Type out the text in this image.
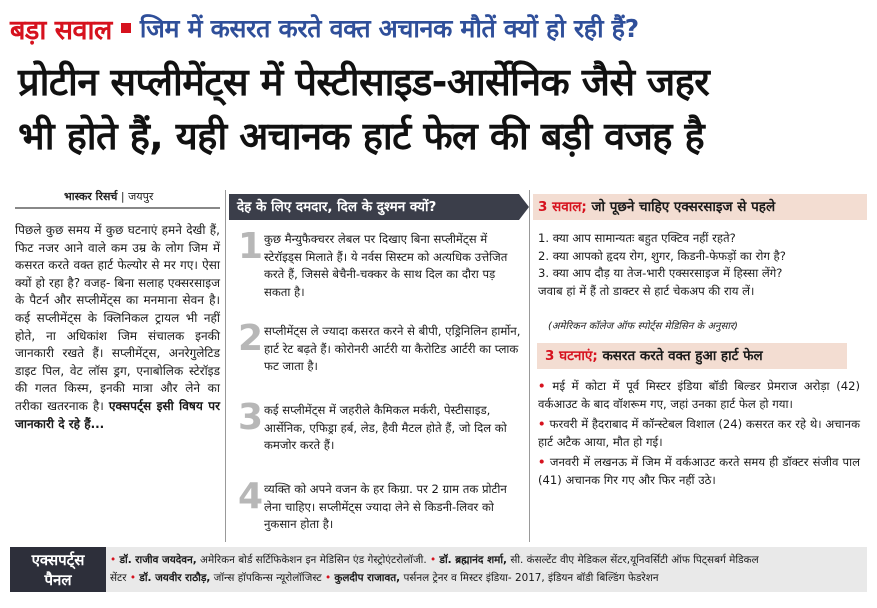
बड़ा सवाल जिम में कसरत करते वक्त अचानक मौतें क्यों हो रही हैं?
प्रोटीन सप्लीमेंट्स में पेस्टीसाइड-आर्सेनिक जैसे जहर
भी होते हैं, यही अचानक हार्ट फेल की बड़ी वजह है
भास्कर रिसर्च | जयपुर
पिछले कुछ समय में कुछ घटनाएं हमने देखी हैं, फिट नजर आने वाले कम उम्र के लोग जिम में कसरत करते वक्त हार्ट फेल्योर से मर गए। ऐसा क्यों हो रहा है? वजह- बिना सलाह एक्सरसाइज के पैटर्न और सप्लीमेंट्स का मनमाना सेवन है। कई सप्लीमेंट्स के क्लिनिकल ट्रायल भी नहीं होते, ना अधिकांश जिम संचालक इनकी जानकारी रखते हैं। सप्लीमेंट्स, अनरेगुलेटिड डाइट पिल, वेट लॉस ड्रग, एनाबोलिक स्टेरॉइड की गलत किस्म, इनकी मात्रा और लेने का तरीका खतरनाक है। एक्सपर्ट्स इसी विषय पर जानकारी दे रहे हैं...
देह के लिए दमदार, दिल के दुश्मन क्यों?
1 कुछ मैन्युफैक्चरर लेबल पर दिखाए बिना सप्लीमेंट्स में स्टेरॉइड्स मिलाते हैं। ये नर्वस सिस्टम को अत्यधिक उत्तेजित करते हैं, जिससे बेचैनी-चक्कर के साथ दिल का दौरा पड़ सकता है।
2 सप्लीमेंट्स ले ज्यादा कसरत करने से बीपी, एड्रिनिलिन हार्मोन, हार्ट रेट बढ़ते हैं। कोरोनरी आर्टरी या कैरोटिड आर्टरी का प्लाक फट जाता है।
3 कई सप्लीमेंट्स में जहरीले कैमिकल मर्करी, पेस्टीसाइड, आर्सेनिक, एफिड्रा हर्ब, लेड, हैवी मैटल होते हैं, जो दिल को कमजोर करते हैं।
4 व्यक्ति को अपने वजन के हर किग्रा. पर 2 ग्राम तक प्रोटीन लेना चाहिए। सप्लीमेंट्स ज्यादा लेने से किडनी-लिवर को नुकसान होता है।
3 सवाल; जो पूछने चाहिए एक्सरसाइज से पहले
1. क्या आप सामान्यतः बहुत एक्टिव नहीं रहते?
2. क्या आपको हृदय रोग, शुगर, किडनी-फेफड़ों का रोग है?
3. क्या आप दौड़ या तेज-भारी एक्सरसाइज में हिस्सा लेंगे?
जवाब हां में हैं तो डाक्टर से हार्ट चेकअप की राय लें।
(अमेरिकन कॉलेज ऑफ स्पोर्ट्स मेडिसिन के अनुसार)
3 घटनाएं; कसरत करते वक्त हुआ हार्ट फेल

• मई में कोटा में पूर्व मिस्टर इंडिया बॉडी बिल्डर प्रेमराज अरोड़ा (42) वर्कआउट के बाद वॉशरूम गए, जहां उनका हार्ट फेल हो गया।

• फरवरी में हैदराबाद में कॉन्स्टेबल विशाल (24) कसरत कर रहे थे। अचानक हार्ट अटैक आया, मौत हो गई।

• जनवरी में लखनऊ में जिम में वर्कआउट करते समय ही डॉक्टर संजीव पाल (41) अचानक गिर गए और फिर नहीं उठे।

एक्सपर्ट्स
पैनल
• डॉ. राजीव जयदेवन, अमेरिकन बोर्ड सर्टिफिकेशन इन मेडिसिन एंड गेस्ट्रोएंटरोलॉजी. • डॉ. ब्रह्मानंद शर्मा, सी. कंसल्टेंट वीए मेडिकल सेंटर,यूनिवर्सिटी ऑफ पिट्सबर्ग मेडिकल
सेंटर • डॉ. जयवीर राठौड़, जॉन्स हॉपकिन्स न्यूरोलॉजिस्ट • कुलदीप राजावत, पर्सनल ट्रेनर व मिस्टर इंडिया- 2017, इंडियन बॉडी बिल्डिंग फेडरेशन
